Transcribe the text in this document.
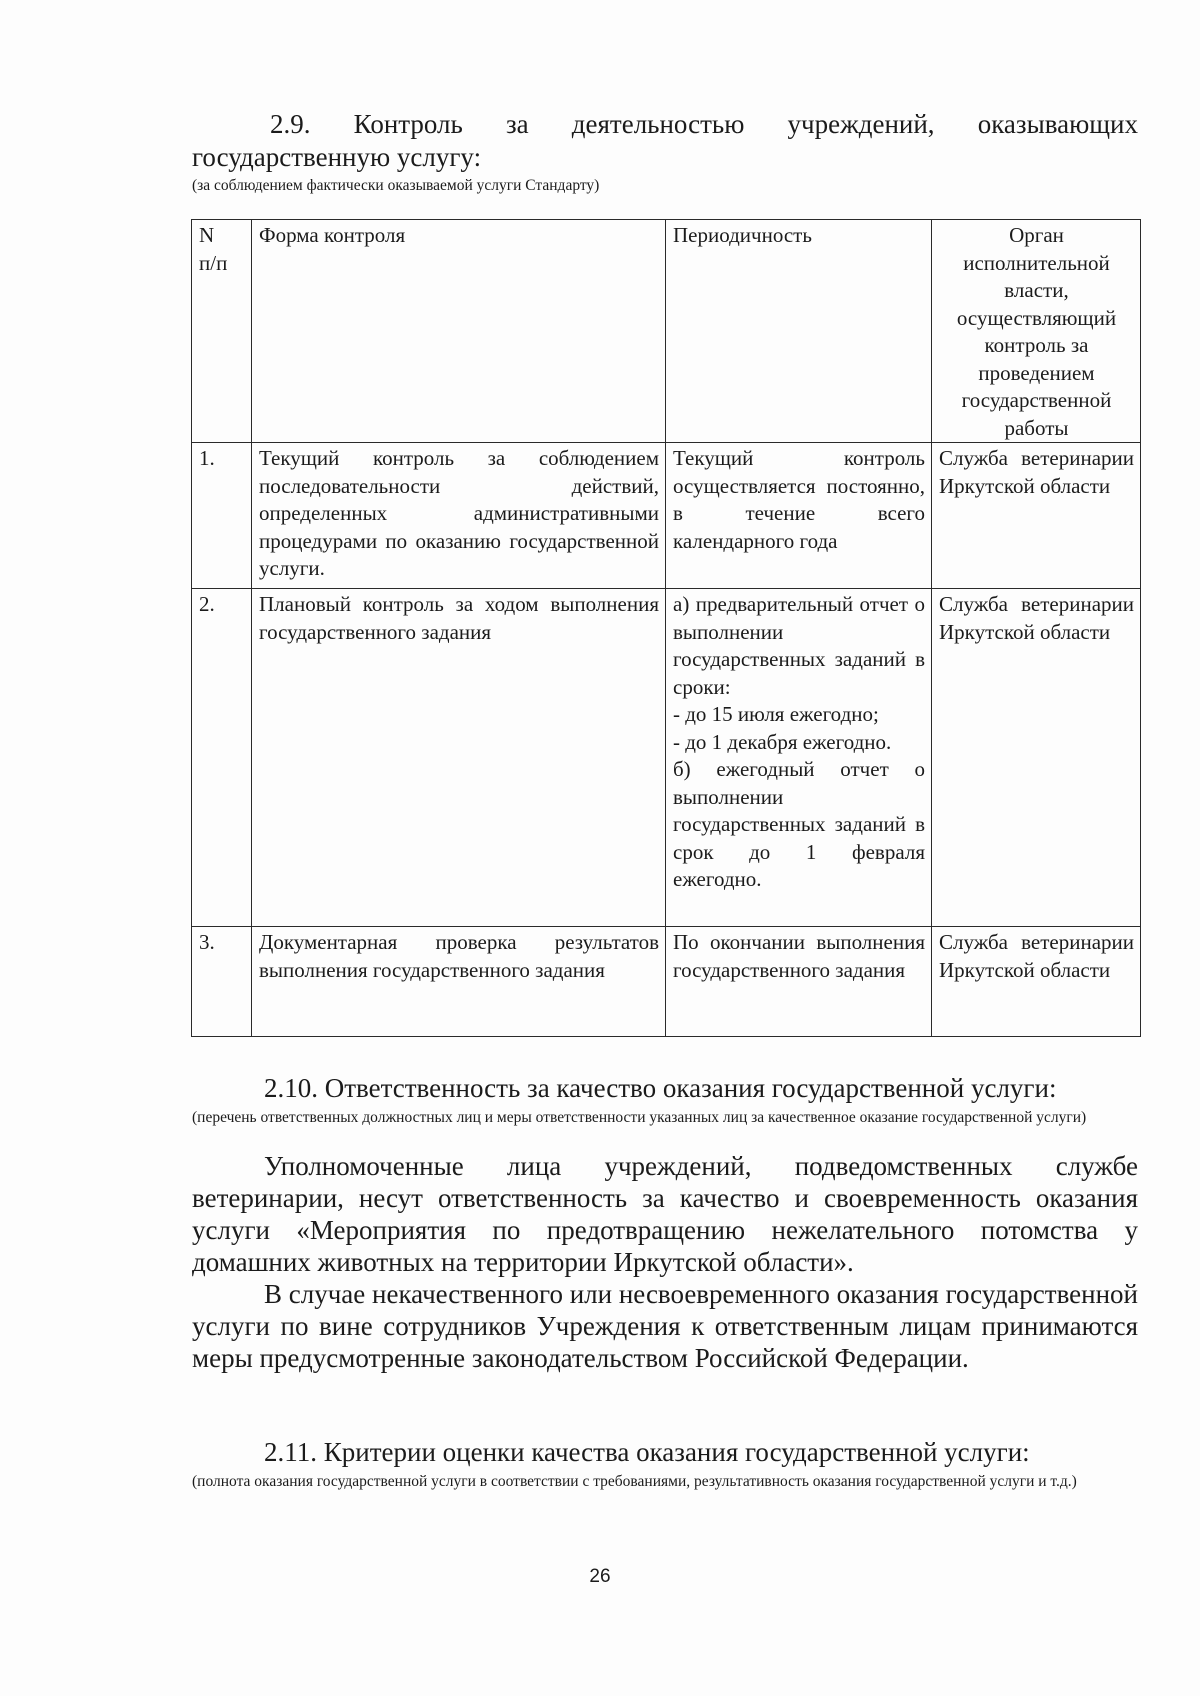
2.9. Контроль за деятельностью учреждений, оказывающих государственную услугу:

(за соблюдением фактически оказываемой услуги Стандарту)

N
п/п	Форма контроля	Периодичность	Орган исполнительной власти, осуществляющий контроль за проведением государственной работы
1.	Текущий контроль за соблюдением последовательности действий, определенных административными процедурами по оказанию государственной услуги.	Текущий контроль осуществляется постоянно, в течение всего календарного года	Служба ветеринарии Иркутской области
2.	Плановый контроль за ходом выполнения государственного задания	а) предварительный отчет о выполнении государственных заданий в сроки:
- до 15 июля ежегодно;
- до 1 декабря ежегодно.
б) ежегодный отчет о выполнении государственных заданий в срок до 1 февраля ежегодно.	Служба ветеринарии Иркутской области
3.	Документарная проверка результатов выполнения государственного задания	По окончании выполнения государственного задания	Служба ветеринарии Иркутской области

2.10. Ответственность за качество оказания государственной услуги:

(перечень ответственных должностных лиц и меры ответственности указанных лиц за качественное оказание государственной услуги)

Уполномоченные лица учреждений, подведомственных службе ветеринарии, несут ответственность за качество и своевременность оказания услуги «Мероприятия по предотвращению нежелательного потомства у домашних животных на территории Иркутской области».

В случае некачественного или несвоевременного оказания государственной услуги по вине сотрудников Учреждения к ответственным лицам принимаются меры предусмотренные законодательством Российской Федерации.

2.11. Критерии оценки качества оказания государственной услуги:

(полнота оказания государственной услуги в соответствии с требованиями, результативность оказания государственной услуги и т.д.)

26
